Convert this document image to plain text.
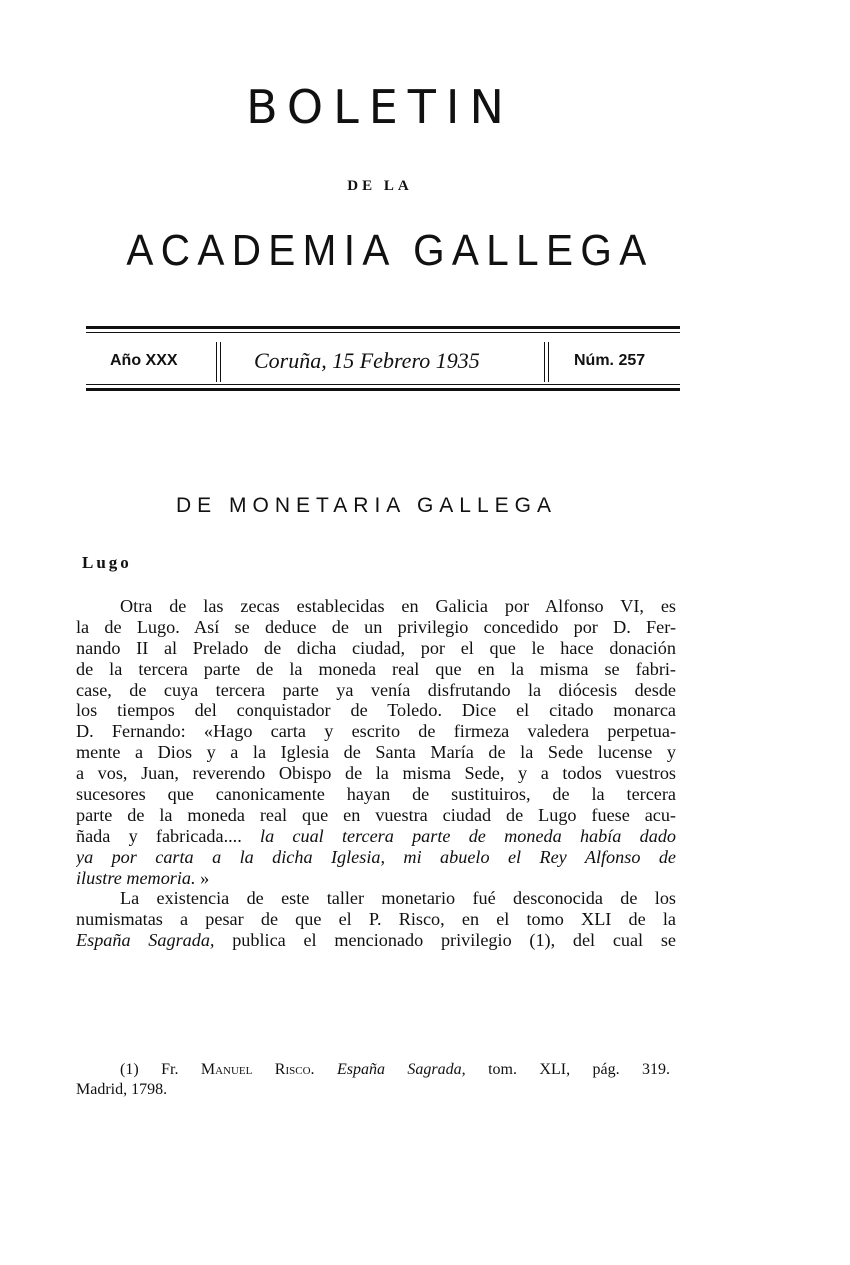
BOLETIN
DE LA
ACADEMIA GALLEGA
Año XXX	Coruña, 15 Febrero 1935	Núm. 257
DE MONETARIA GALLEGA
Lugo
Otra de las zecas establecidas en Galicia por Alfonso VI, es
la de Lugo. Así se deduce de un privilegio concedido por D. Fer-
nando II al Prelado de dicha ciudad, por el que le hace donación
de la tercera parte de la moneda real que en la misma se fabri-
case, de cuya tercera parte ya venía disfrutando la diócesis desde
los tiempos del conquistador de Toledo. Dice el citado monarca
D. Fernando: «Hago carta y escrito de firmeza valedera perpetua-
mente a Dios y a la Iglesia de Santa María de la Sede lucense y
a vos, Juan, reverendo Obispo de la misma Sede, y a todos vuestros
sucesores que canonicamente hayan de sustituiros, de la tercera
parte de la moneda real que en vuestra ciudad de Lugo fuese acu-
ñada y fabricada.... la cual tercera parte de moneda había dado
ya por carta a la dicha Iglesia, mi abuelo el Rey Alfonso de
ilustre memoria. »
La existencia de este taller monetario fué desconocida de los
numismatas a pesar de que el P. Risco, en el tomo XLI de la
España Sagrada, publica el mencionado privilegio (1), del cual se
(1) Fr. Manuel Risco. España Sagrada, tom. XLI, pág. 319.
Madrid, 1798.
